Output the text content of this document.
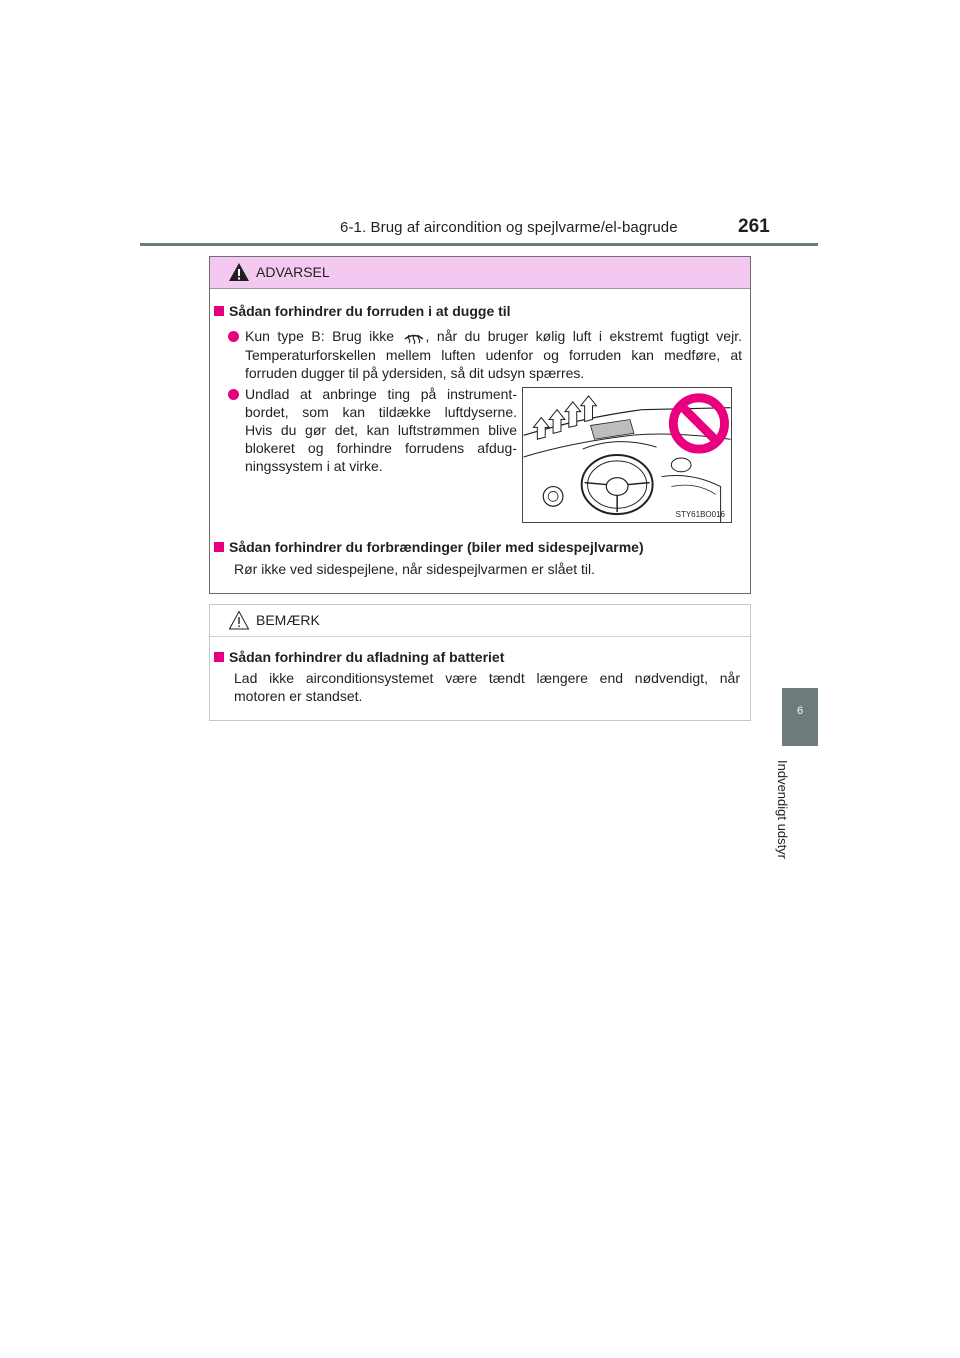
6-1. Brug af aircondition og spejlvarme/el-bagrude	261
6
Indvendigt udstyr
ADVARSEL
Sådan forhindrer du forruden i at dugge til
Kun type B: Brug ikke , når du bruger kølig luft i ekstremt fugtigt vejr.
Temperaturforskellen mellem luften udenfor og forruden kan medføre, at
forruden dugger til på ydersiden, så dit udsyn spærres.
Undlad at anbringe ting på instrument-
bordet, som kan tildække luftdyserne.
Hvis du gør det, kan luftstrømmen blive
blokeret og forhindre forrudens afdug-
ningssystem i at virke.
Sådan forhindrer du forbrændinger (biler med sidespejlvarme)
Rør ikke ved sidespejlene, når sidespejlvarmen er slået til.
STY61BO016
BEMÆRK
Sådan forhindrer du afladning af batteriet
Lad ikke airconditionsystemet være tændt længere end nødvendigt, når
motoren er standset.
